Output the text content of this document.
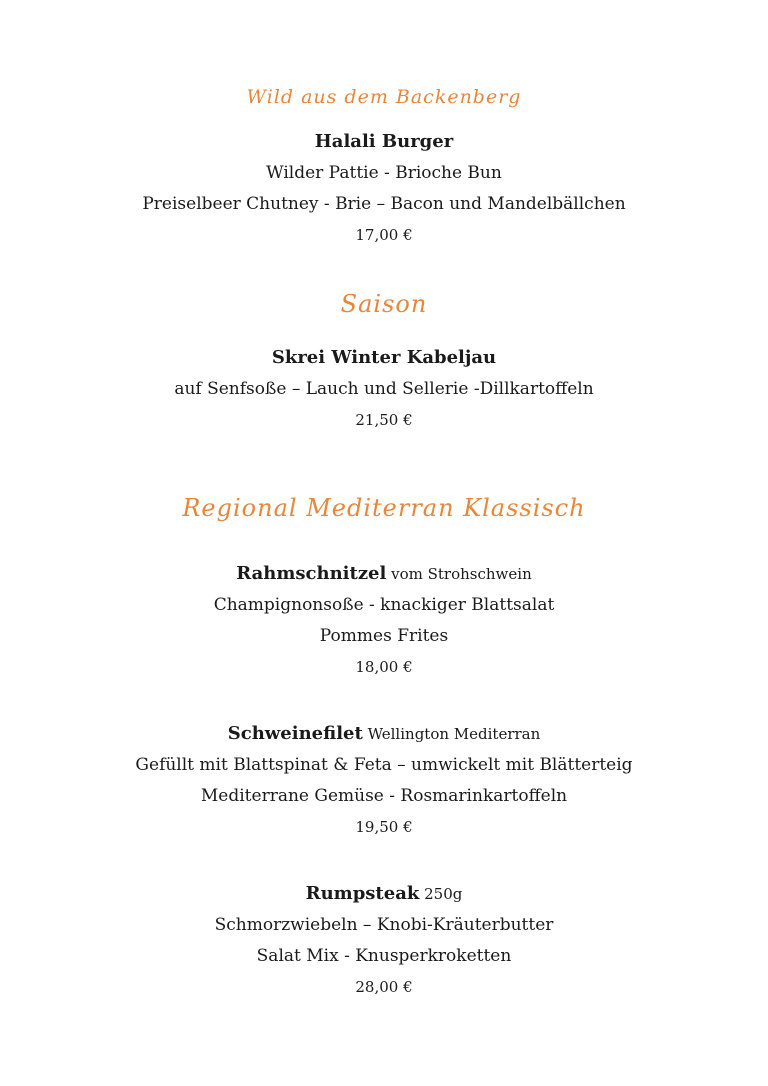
Wild aus dem Backenberg
Halali Burger
Wilder Pattie - Brioche Bun
Preiselbeer Chutney - Brie – Bacon und Mandelbällchen
17,00 €
Saison
Skrei Winter Kabeljau
auf Senfsoße – Lauch und Sellerie -Dillkartoffeln
21,50 €
Regional Mediterran Klassisch
Rahmschnitzel vom Strohschwein
Champignonsoße - knackiger Blattsalat
Pommes Frites
18,00 €
Schweinefilet Wellington Mediterran
Gefüllt mit Blattspinat & Feta – umwickelt mit Blätterteig
Mediterrane Gemüse - Rosmarinkartoffeln
19,50 €
Rumpsteak 250g
Schmorzwiebeln – Knobi-Kräuterbutter
Salat Mix - Knusperkroketten
28,00 €
